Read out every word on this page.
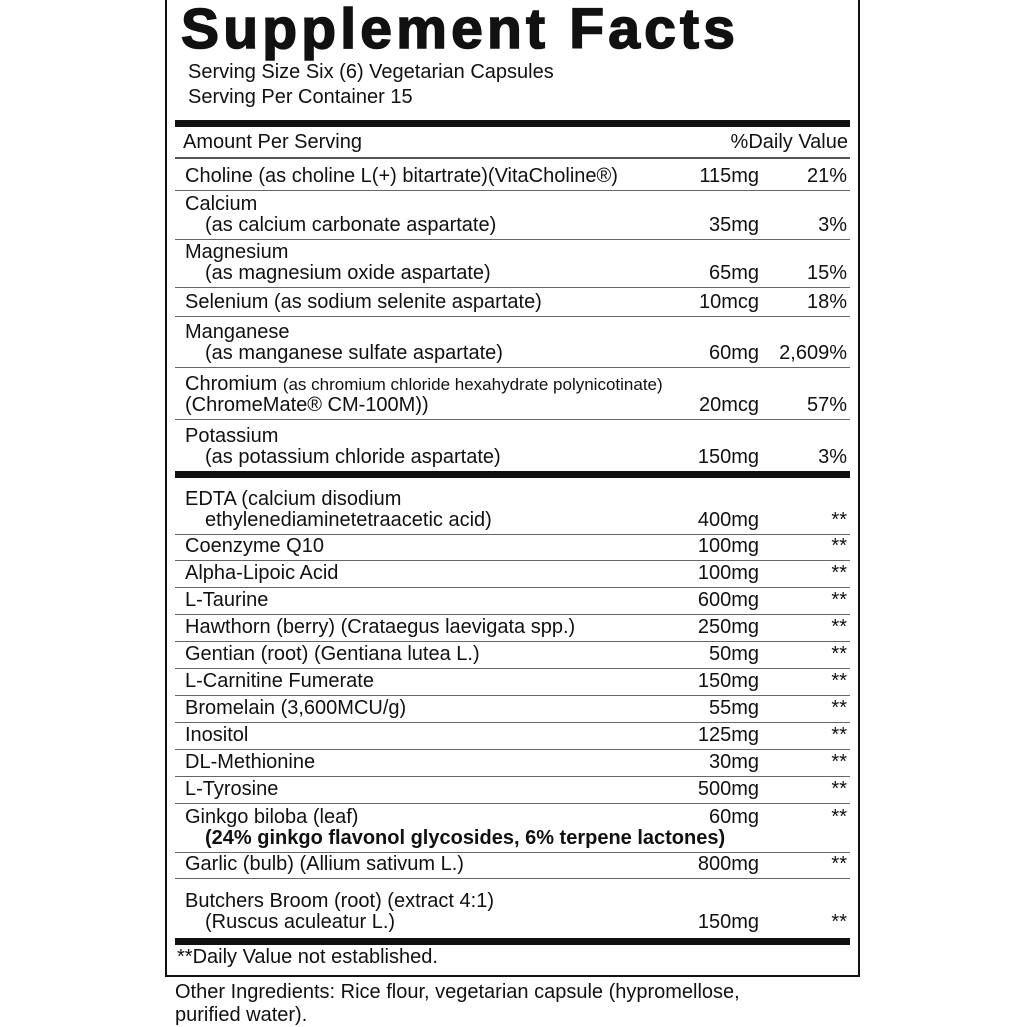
Supplement Facts
Serving Size Six (6) Vegetarian Capsules
Serving Per Container 15
Amount Per Serving	%Daily Value
Choline (as choline L(+) bitartrate)(VitaCholine®)	115mg 21%
Calcium
(as calcium carbonate aspartate)	35mg	3%
Magnesium
(as magnesium oxide aspartate)	65mg 15%
Selenium (as sodium selenite aspartate)	10mcg 18%
Manganese
(as manganese sulfate aspartate)	60mg 2,609%
Chromium (as chromium chloride hexahydrate polynicotinate)
(ChromeMate® CM-100M))	20mcg 57%
Potassium
(as potassium chloride aspartate)	150mg	3%
EDTA (calcium disodium
ethylenediaminetetraacetic acid)	400mg	**
Coenzyme Q10	100mg	**
Alpha-Lipoic Acid	100mg	**
L-Taurine	600mg	**
Hawthorn (berry) (Crataegus laevigata spp.)	250mg	**
Gentian (root) (Gentiana lutea L.)	50mg	**
L-Carnitine Fumerate	150mg	**
Bromelain (3,600MCU/g)	55mg	**
Inositol	125mg	**
DL-Methionine	30mg	**
L-Tyrosine	500mg	**
Ginkgo biloba (leaf)
(24% ginkgo flavonol glycosides, 6% terpene lactones)
60mg	**
Garlic (bulb) (Allium sativum L.)	800mg	**
Butchers Broom (root) (extract 4:1)
(Ruscus aculeatur L.)	150mg	**
**Daily Value not established.
Other Ingredients: Rice flour, vegetarian capsule (hypromellose,
purified water).
